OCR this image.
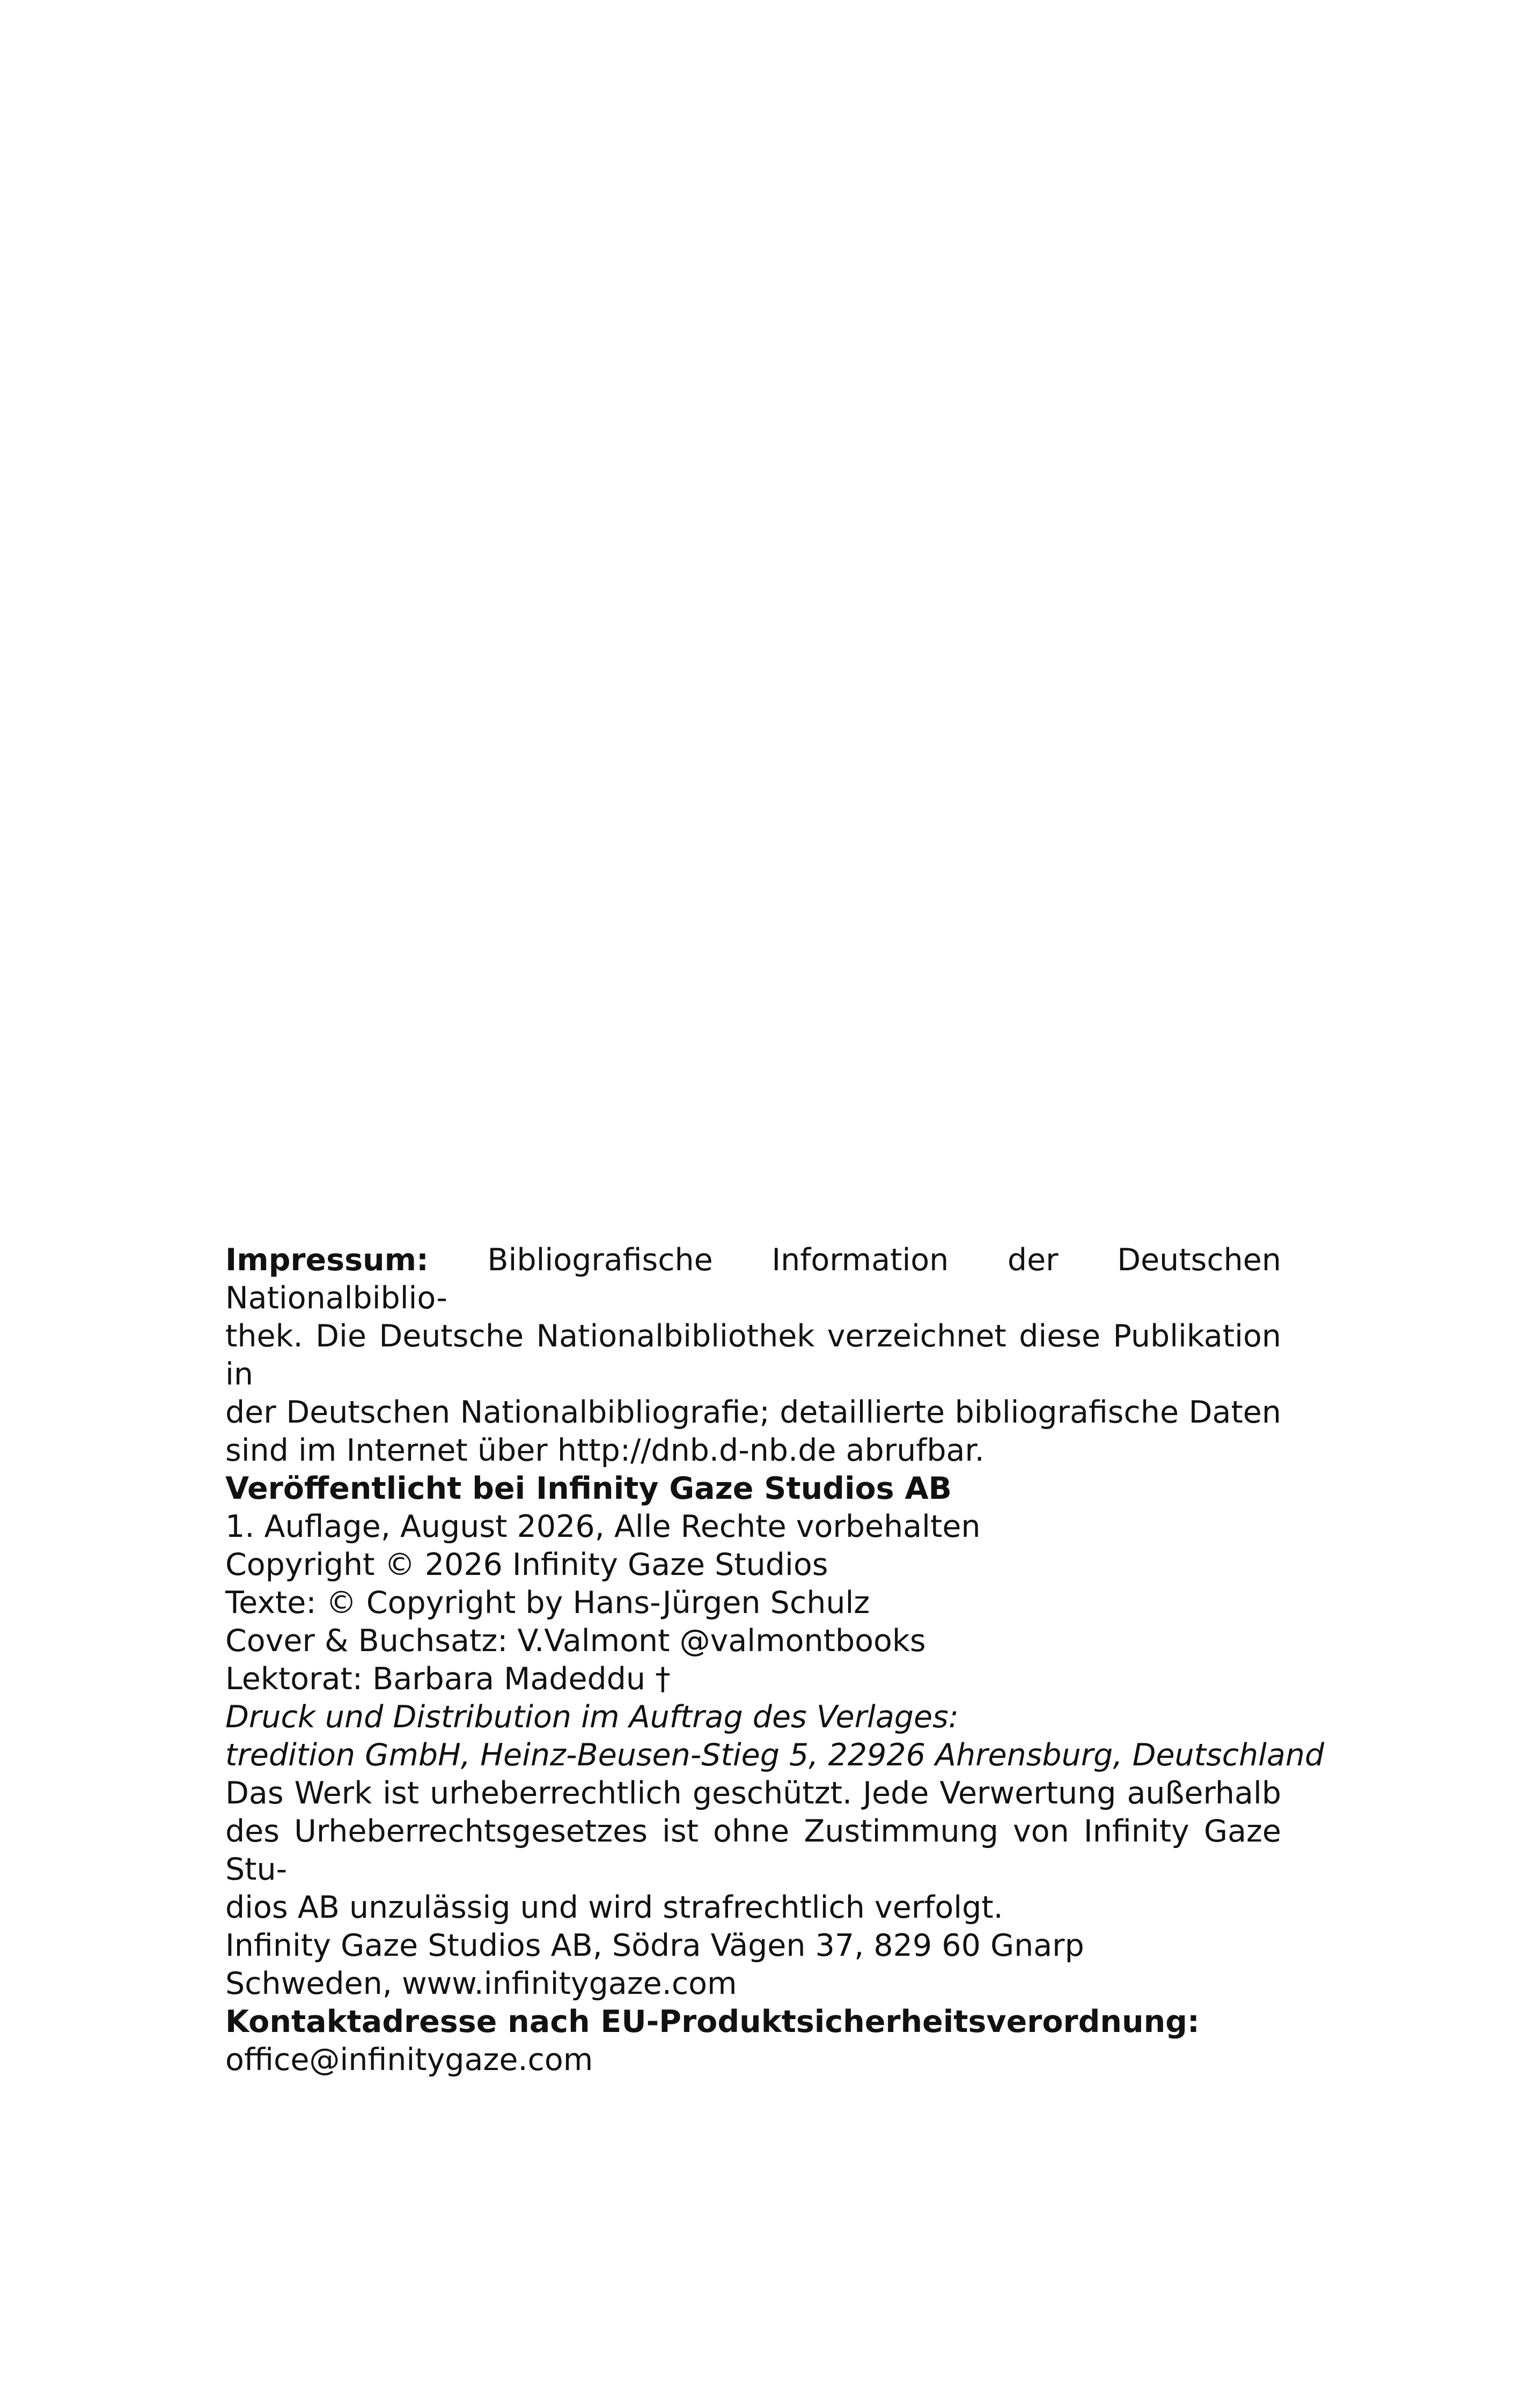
Impressum: Bibliografische Information der Deutschen Nationalbiblio-
thek. Die Deutsche Nationalbibliothek verzeichnet diese Publikation in
der Deutschen Nationalbibliografie; detaillierte bibliografische Daten
sind im Internet über http://dnb.d-nb.de abrufbar.
Veröffentlicht bei Infinity Gaze Studios AB
1. Auflage, August 2026, Alle Rechte vorbehalten
Copyright © 2026 Infinity Gaze Studios
Texte: © Copyright by Hans-Jürgen Schulz
Cover & Buchsatz: V.Valmont @valmontbooks
Lektorat: Barbara Madeddu †
Druck und Distribution im Auftrag des Verlages:
tredition GmbH, Heinz-Beusen-Stieg 5, 22926 Ahrensburg, Deutschland
Das Werk ist urheberrechtlich geschützt. Jede Verwertung außerhalb
des Urheberrechtsgesetzes ist ohne Zustimmung von Infinity Gaze Stu-
dios AB unzulässig und wird strafrechtlich verfolgt.
Infinity Gaze Studios AB, Södra Vägen 37, 829 60 Gnarp
Schweden, www.infinitygaze.com
Kontaktadresse nach EU-Produktsicherheitsverordnung:
office@infinitygaze.com
